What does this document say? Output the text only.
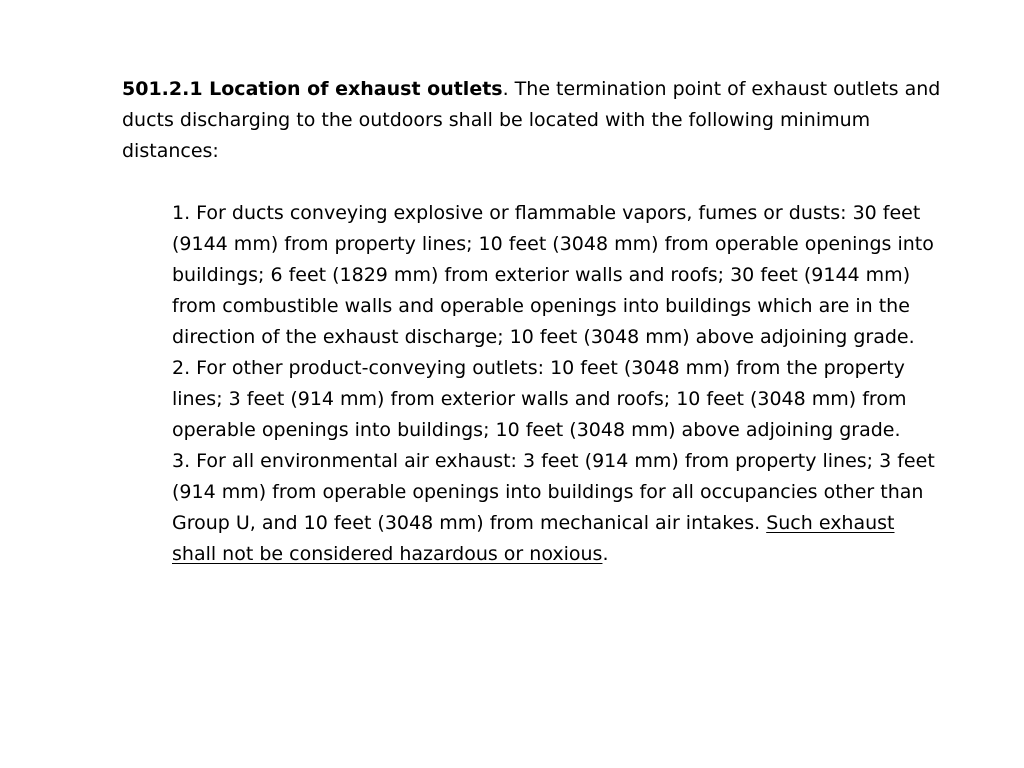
501.2.1 Location of exhaust outlets. The termination point of exhaust outlets and ducts discharging to the outdoors shall be located with the following minimum distances:

1. For ducts conveying explosive or flammable vapors, fumes or dusts: 30 feet (9144 mm) from property lines; 10 feet (3048 mm) from operable openings into buildings; 6 feet (1829 mm) from exterior walls and roofs; 30 feet (9144 mm) from combustible walls and operable openings into buildings which are in the direction of the exhaust discharge; 10 feet (3048 mm) above adjoining grade.

2. For other product-conveying outlets: 10 feet (3048 mm) from the property lines; 3 feet (914 mm) from exterior walls and roofs; 10 feet (3048 mm) from operable openings into buildings; 10 feet (3048 mm) above adjoining grade.

3. For all environmental air exhaust: 3 feet (914 mm) from property lines; 3 feet (914 mm) from operable openings into buildings for all occupancies other than Group U, and 10 feet (3048 mm) from mechanical air intakes. Such exhaust shall not be considered hazardous or noxious.
